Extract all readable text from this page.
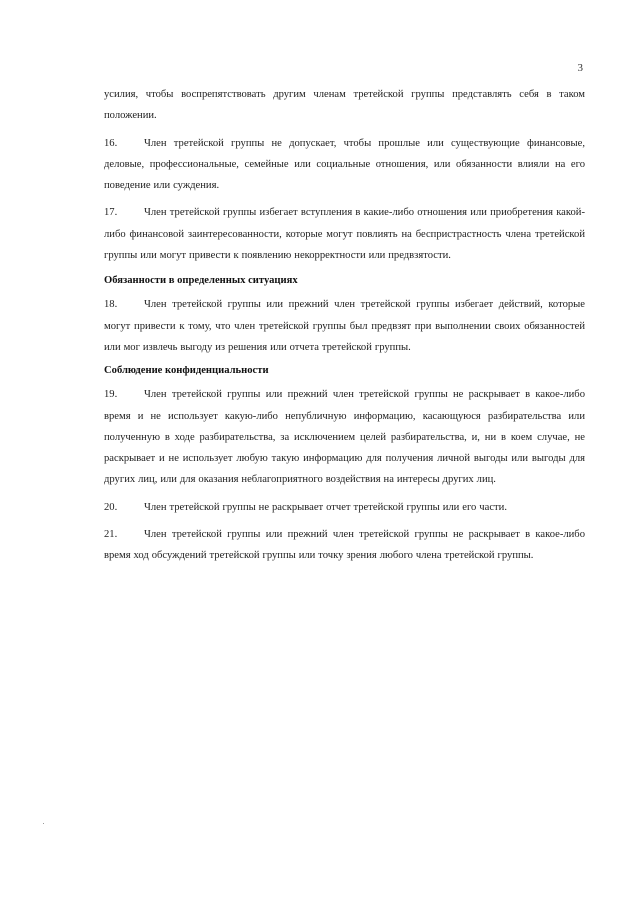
3

усилия, чтобы воспрепятствовать другим членам третейской группы представлять себя в таком положении.

16.	Член третейской группы не допускает, чтобы прошлые или существующие финансовые, деловые, профессиональные, семейные или социальные отношения, или обязанности влияли на его поведение или суждения.

17.	Член третейской группы избегает вступления в какие-либо отношения или приобретения какой-либо финансовой заинтересованности, которые могут повлиять на беспристрастность члена третейской группы или могут привести к появлению некорректности или предвзятости.

Обязанности в определенных ситуациях

18.	Член третейской группы или прежний член третейской группы избегает действий, которые могут привести к тому, что член третейской группы был предвзят при выполнении своих обязанностей или мог извлечь выгоду из решения или отчета третейской группы.

Соблюдение конфиденциальности

19.	Член третейской группы или прежний член третейской группы не раскрывает в какое-либо время и не использует какую-либо непубличную информацию, касающуюся разбирательства или полученную в ходе разбирательства, за исключением целей разбирательства, и, ни в коем случае, не раскрывает и не использует любую такую информацию для получения личной выгоды или выгоды для других лиц, или для оказания неблагоприятного воздействия на интересы других лиц.

20.	Член третейской группы не раскрывает отчет третейской группы или его части.

21.	Член третейской группы или прежний член третейской группы не раскрывает в какое-либо время ход обсуждений третейской группы или точку зрения любого члена третейской группы.
